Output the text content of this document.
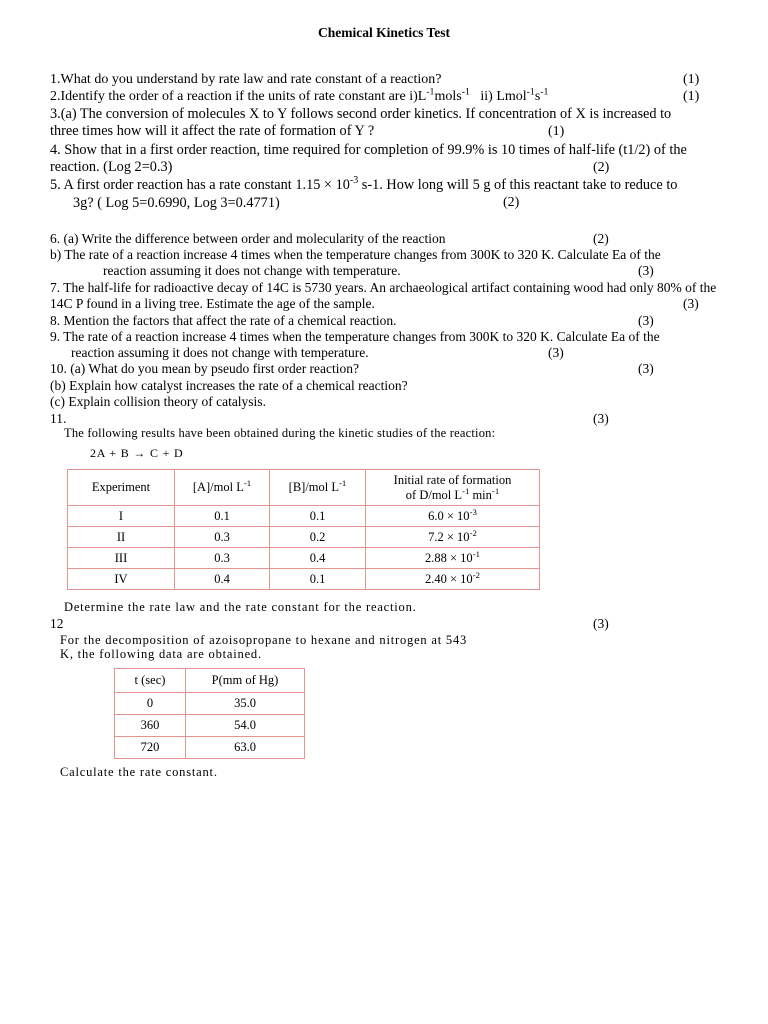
Chemical Kinetics Test
1.What do you understand by rate law and rate constant of a reaction?	(1)
2.Identify the order of a reaction if the units of rate constant are $i)L^{-1}mols^{-1}$ ii) $Lmol^{-1}s^{-1}$	(1)
3.(a) The conversion of molecules X to Y follows second order kinetics. If concentration of X is increased to
three times how will it affect the rate of formation of Y ?	(1)
4. Show that in a first order reaction, time required for completion of 99.9% is 10 times of half-life (t1/2) of the
reaction. (Log 2=0.3)	(2)
5. A first order reaction has a rate constant $1.15 \times 10^{-3}$ s-1. How long will 5 g of this reactant take to reduce to
3g? ( Log 5=0.6990, Log 3=0.4771)	(2)
6. (a) Write the difference between order and molecularity of the reaction	(2)
b) The rate of a reaction increase 4 times when the temperature changes from 300K to 320 K. Calculate Ea of the
reaction assuming it does not change with temperature.	(3)
7. The half-life for radioactive decay of 14C is 5730 years. An archaeological artifact containing wood had only 80% of the
14C P found in a living tree. Estimate the age of the sample.	(3)
8. Mention the factors that affect the rate of a chemical reaction.	(3)
9. The rate of a reaction increase 4 times when the temperature changes from 300K to 320 K. Calculate Ea of the
reaction assuming it does not change with temperature.	(3)
10. (a) What do you mean by pseudo first order reaction?	(3)
(b) Explain how catalyst increases the rate of a chemical reaction?
(c) Explain collision theory of catalysis.
11.	(3)
The following results have been obtained during the kinetic studies of the reaction:
2A + B → C + D
Experiment	[A]/mol $L^{-1}$	[B]/mol $L^{-1}$	Initial rate of formation
of D/mol $L^{-1}$ $\min^{-1}$
I	0.1	0.1	$6.0 \times 10^{-3}$
II	0.3	0.2	$7.2 \times 10^{-2}$
III	0.3	0.4	$2.88 \times 10^{-1}$
IV	0.4	0.1	$2.40 \times 10^{-2}$
Determine the rate law and the rate constant for the reaction.
12	(3)
For the decomposition of azoisopropane to hexane and nitrogen at 543
K, the following data are obtained.
t (sec)	P(mm of Hg)
0	35.0
360	54.0
720	63.0
Calculate the rate constant.
